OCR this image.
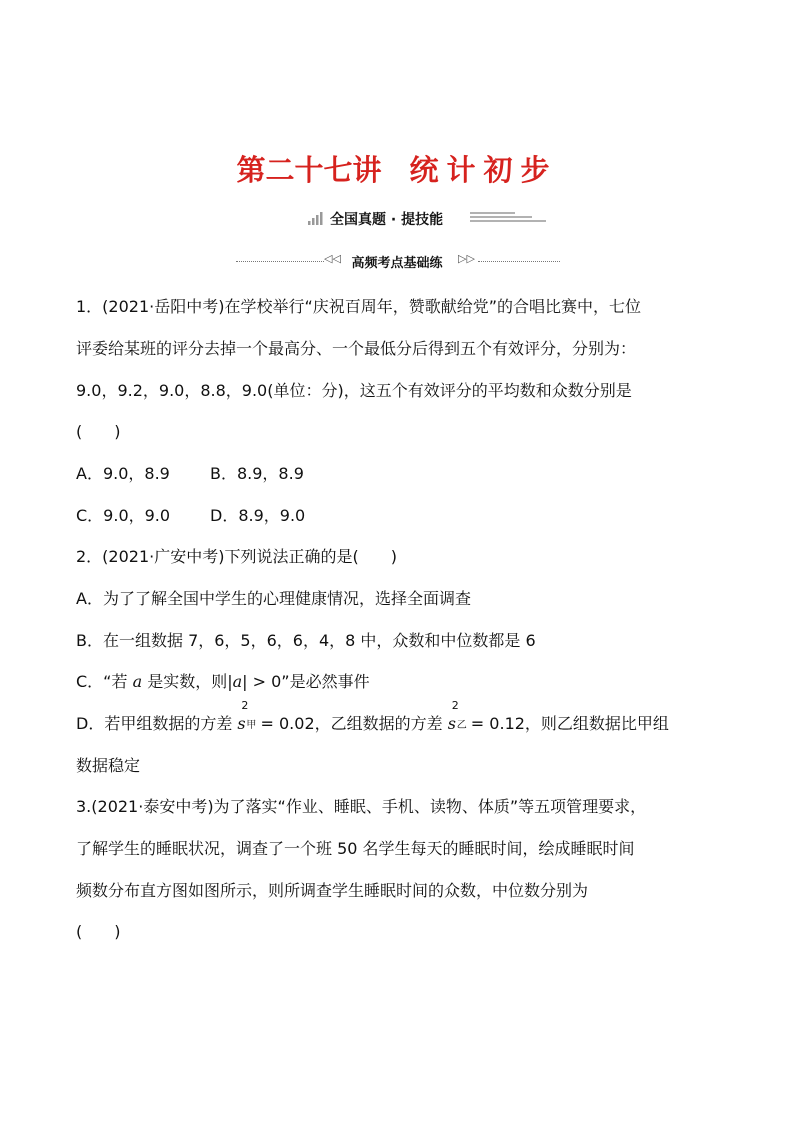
第二十七讲 统计初步
全国真题 · 提技能
◁◁ 高频考点基础练	▷▷
1．(2021·岳阳中考)在学校举行“庆祝百周年，赞歌献给党”的合唱比赛中，七位
评委给某班的评分去掉一个最高分、一个最低分后得到五个有效评分，分别为：
9.0，9.2，9.0，8.8，9.0(单位：分)，这五个有效评分的平均数和众数分别是
(　　)
A．9.0，8.9	B．8.9，8.9
C．9.0，9.0 D．8.9，9.0
2．(2021·广安中考)下列说法正确的是(　　)
A．为了了解全国中学生的心理健康情况，选择全面调查
B．在一组数据 7，6，5，6，6，4，8 中，众数和中位数都是 6
C．“若 a 是实数，则|a| > 0”是必然事件
D．若甲组数据的方差 s
2
甲 = 0.02，乙组数据的方差 s
2
乙 = 0.12，则乙组数据比甲组
数据稳定
3.(2021·泰安中考)为了落实“作业、睡眠、手机、读物、体质”等五项管理要求，
了解学生的睡眠状况，调查了一个班 50 名学生每天的睡眠时间，绘成睡眠时间
频数分布直方图如图所示，则所调查学生睡眠时间的众数，中位数分别为
(　　)
